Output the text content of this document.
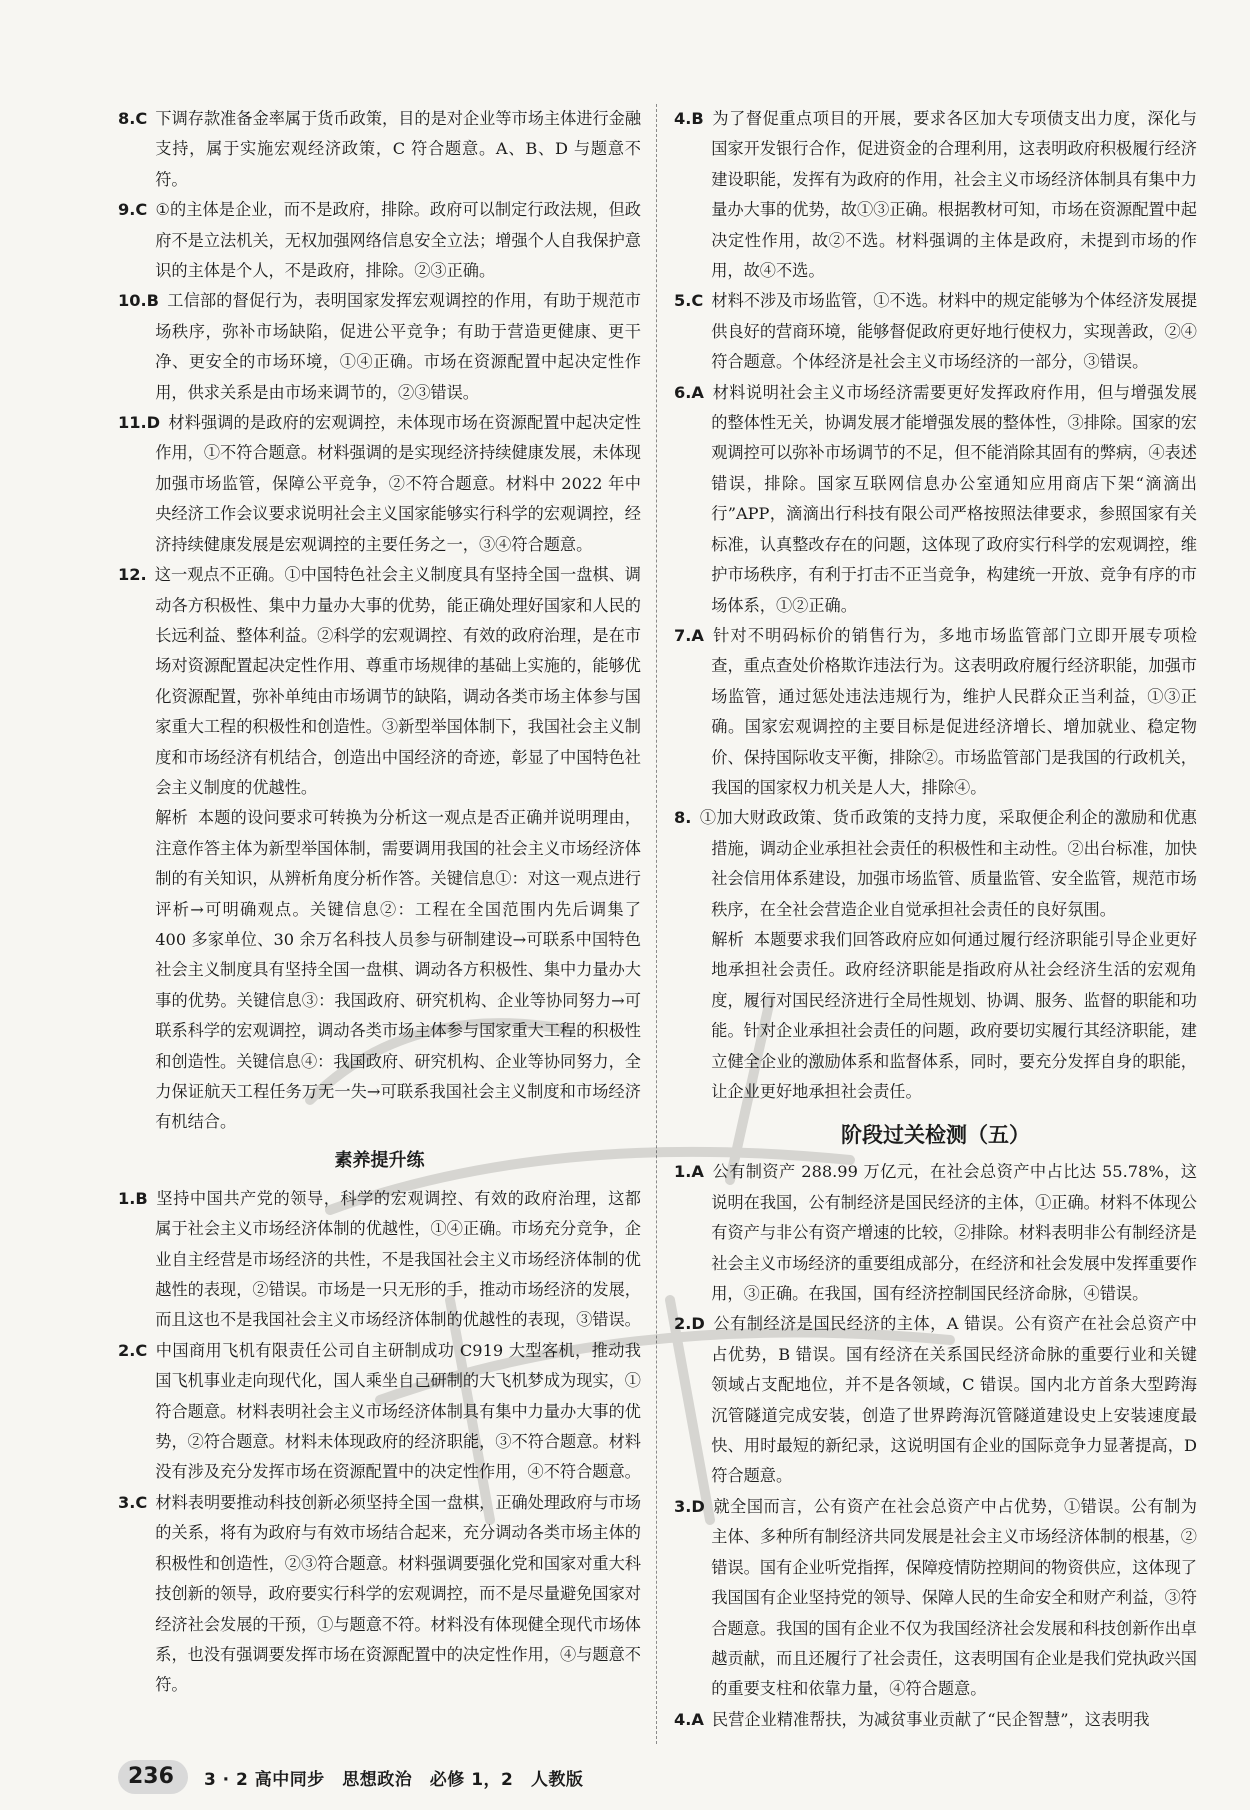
8.C 下调存款准备金率属于货币政策，目的是对企业等市场主体进行金融支持，属于实施宏观经济政策，C 符合题意。A、B、D 与题意不符。

9.C ①的主体是企业，而不是政府，排除。政府可以制定行政法规，但政府不是立法机关，无权加强网络信息安全立法；增强个人自我保护意识的主体是个人，不是政府，排除。②③正确。

10.B 工信部的督促行为，表明国家发挥宏观调控的作用，有助于规范市场秩序，弥补市场缺陷，促进公平竞争；有助于营造更健康、更干净、更安全的市场环境，①④正确。市场在资源配置中起决定性作用，供求关系是由市场来调节的，②③错误。

11.D 材料强调的是政府的宏观调控，未体现市场在资源配置中起决定性作用，①不符合题意。材料强调的是实现经济持续健康发展，未体现加强市场监管，保障公平竞争，②不符合题意。材料中 2022 年中央经济工作会议要求说明社会主义国家能够实行科学的宏观调控，经济持续健康发展是宏观调控的主要任务之一，③④符合题意。

12. 这一观点不正确。①中国特色社会主义制度具有坚持全国一盘棋、调动各方积极性、集中力量办大事的优势，能正确处理好国家和人民的长远利益、整体利益。②科学的宏观调控、有效的政府治理，是在市场对资源配置起决定性作用、尊重市场规律的基础上实施的，能够优化资源配置，弥补单纯由市场调节的缺陷，调动各类市场主体参与国家重大工程的积极性和创造性。③新型举国体制下，我国社会主义制度和市场经济有机结合，创造出中国经济的奇迹，彰显了中国特色社会主义制度的优越性。

解析 本题的设问要求可转换为分析这一观点是否正确并说明理由，注意作答主体为新型举国体制，需要调用我国的社会主义市场经济体制的有关知识，从辨析角度分析作答。关键信息①：对这一观点进行评析→可明确观点。关键信息②：工程在全国范围内先后调集了 400 多家单位、30 余万名科技人员参与研制建设→可联系中国特色社会主义制度具有坚持全国一盘棋、调动各方积极性、集中力量办大事的优势。关键信息③：我国政府、研究机构、企业等协同努力→可联系科学的宏观调控，调动各类市场主体参与国家重大工程的积极性和创造性。关键信息④：我国政府、研究机构、企业等协同努力，全力保证航天工程任务万无一失→可联系我国社会主义制度和市场经济有机结合。

素养提升练

1.B 坚持中国共产党的领导，科学的宏观调控、有效的政府治理，这都属于社会主义市场经济体制的优越性，①④正确。市场充分竞争，企业自主经营是市场经济的共性，不是我国社会主义市场经济体制的优越性的表现，②错误。市场是一只无形的手，推动市场经济的发展，而且这也不是我国社会主义市场经济体制的优越性的表现，③错误。

2.C 中国商用飞机有限责任公司自主研制成功 C919 大型客机，推动我国飞机事业走向现代化，国人乘坐自己研制的大飞机梦成为现实，①符合题意。材料表明社会主义市场经济体制具有集中力量办大事的优势，②符合题意。材料未体现政府的经济职能，③不符合题意。材料没有涉及充分发挥市场在资源配置中的决定性作用，④不符合题意。

3.C 材料表明要推动科技创新必须坚持全国一盘棋，正确处理政府与市场的关系，将有为政府与有效市场结合起来，充分调动各类市场主体的积极性和创造性，②③符合题意。材料强调要强化党和国家对重大科技创新的领导，政府要实行科学的宏观调控，而不是尽量避免国家对经济社会发展的干预，①与题意不符。材料没有体现健全现代市场体系，也没有强调要发挥市场在资源配置中的决定性作用，④与题意不符。

4.B 为了督促重点项目的开展，要求各区加大专项债支出力度，深化与国家开发银行合作，促进资金的合理利用，这表明政府积极履行经济建设职能，发挥有为政府的作用，社会主义市场经济体制具有集中力量办大事的优势，故①③正确。根据教材可知，市场在资源配置中起决定性作用，故②不选。材料强调的主体是政府，未提到市场的作用，故④不选。

5.C 材料不涉及市场监管，①不选。材料中的规定能够为个体经济发展提供良好的营商环境，能够督促政府更好地行使权力，实现善政，②④符合题意。个体经济是社会主义市场经济的一部分，③错误。

6.A 材料说明社会主义市场经济需要更好发挥政府作用，但与增强发展的整体性无关，协调发展才能增强发展的整体性，③排除。国家的宏观调控可以弥补市场调节的不足，但不能消除其固有的弊病，④表述错误，排除。国家互联网信息办公室通知应用商店下架“滴滴出行”APP，滴滴出行科技有限公司严格按照法律要求，参照国家有关标准，认真整改存在的问题，这体现了政府实行科学的宏观调控，维护市场秩序，有利于打击不正当竞争，构建统一开放、竞争有序的市场体系，①②正确。

7.A 针对不明码标价的销售行为，多地市场监管部门立即开展专项检查，重点查处价格欺诈违法行为。这表明政府履行经济职能，加强市场监管，通过惩处违法违规行为，维护人民群众正当利益，①③正确。国家宏观调控的主要目标是促进经济增长、增加就业、稳定物价、保持国际收支平衡，排除②。市场监管部门是我国的行政机关，我国的国家权力机关是人大，排除④。

8. ①加大财政政策、货币政策的支持力度，采取便企利企的激励和优惠措施，调动企业承担社会责任的积极性和主动性。②出台标准，加快社会信用体系建设，加强市场监管、质量监管、安全监管，规范市场秩序，在全社会营造企业自觉承担社会责任的良好氛围。

解析 本题要求我们回答政府应如何通过履行经济职能引导企业更好地承担社会责任。政府经济职能是指政府从社会经济生活的宏观角度，履行对国民经济进行全局性规划、协调、服务、监督的职能和功能。针对企业承担社会责任的问题，政府要切实履行其经济职能，建立健全企业的激励体系和监督体系，同时，要充分发挥自身的职能，让企业更好地承担社会责任。

阶段过关检测（五）

1.A 公有制资产 288.99 万亿元，在社会总资产中占比达 55.78%，这说明在我国，公有制经济是国民经济的主体，①正确。材料不体现公有资产与非公有资产增速的比较，②排除。材料表明非公有制经济是社会主义市场经济的重要组成部分，在经济和社会发展中发挥重要作用，③正确。在我国，国有经济控制国民经济命脉，④错误。

2.D 公有制经济是国民经济的主体，A 错误。公有资产在社会总资产中占优势，B 错误。国有经济在关系国民经济命脉的重要行业和关键领域占支配地位，并不是各领域，C 错误。国内北方首条大型跨海沉管隧道完成安装，创造了世界跨海沉管隧道建设史上安装速度最快、用时最短的新纪录，这说明国有企业的国际竞争力显著提高，D 符合题意。

3.D 就全国而言，公有资产在社会总资产中占优势，①错误。公有制为主体、多种所有制经济共同发展是社会主义市场经济体制的根基，②错误。国有企业听党指挥，保障疫情防控期间的物资供应，这体现了我国国有企业坚持党的领导、保障人民的生命安全和财产利益，③符合题意。我国的国有企业不仅为我国经济社会发展和科技创新作出卓越贡献，而且还履行了社会责任，这表明国有企业是我们党执政兴国的重要支柱和依靠力量，④符合题意。

4.A 民营企业精准帮扶，为减贫事业贡献了“民企智慧”，这表明我

236	3 · 2 高中同步　思想政治　必修 1，2　人教版
